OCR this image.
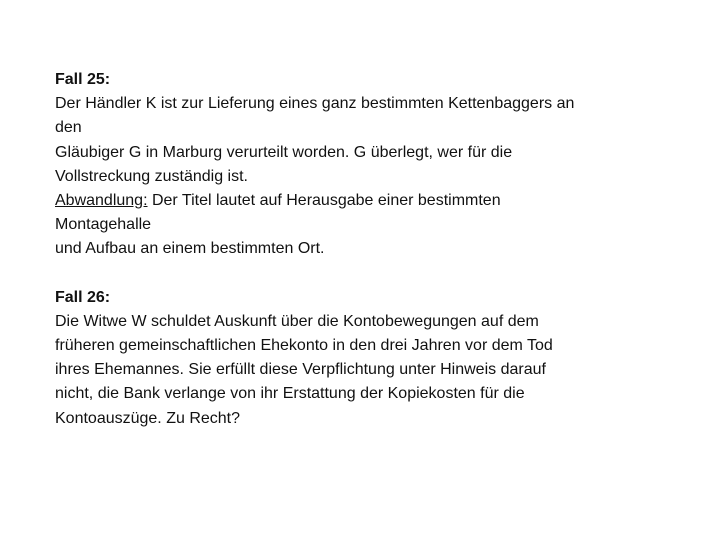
Fall 25:
Der Händler K ist zur Lieferung eines ganz bestimmten Kettenbaggers an
den
Gläubiger G in Marburg verurteilt worden. G überlegt, wer für die
Vollstreckung zuständig ist.
Abwandlung: Der Titel lautet auf Herausgabe einer bestimmten
Montagehalle
und Aufbau an einem bestimmten Ort.
Fall 26:
Die Witwe W schuldet Auskunft über die Kontobewegungen auf dem
früheren gemeinschaftlichen Ehekonto in den drei Jahren vor dem Tod
ihres Ehemannes. Sie erfüllt diese Verpflichtung unter Hinweis darauf
nicht, die Bank verlange von ihr Erstattung der Kopiekosten für die
Kontoauszüge. Zu Recht?
